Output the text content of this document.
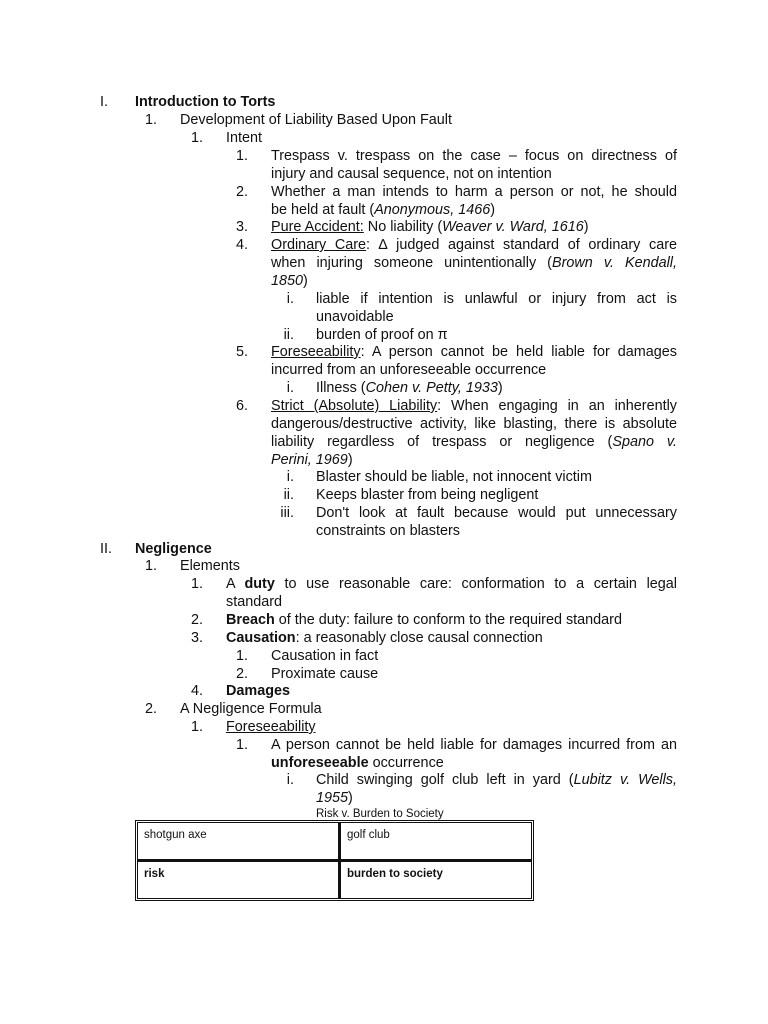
I.	Introduction to Torts
1. Development of Liability Based Upon Fault
1. Intent
1. Trespass v. trespass on the case – focus on directness of
injury and causal sequence, not on intention
2. Whether a man intends to harm a person or not, he should
be held at fault (Anonymous, 1466)
3. Pure Accident: No liability (Weaver v. Ward, 1616)
4. Ordinary Care: ∆ judged against standard of ordinary care
when injuring someone unintentionally (Brown v. Kendall,
1850)
i. liable if intention is unlawful or injury from act is
unavoidable
ii. burden of proof on π
5. Foreseeability: A person cannot be held liable for damages
incurred from an unforeseeable occurrence
i. Illness (Cohen v. Petty, 1933)
6. Strict (Absolute) Liability: When engaging in an inherently
dangerous/destructive activity, like blasting, there is absolute
liability regardless of trespass or negligence (Spano v.
Perini, 1969)
i. Blaster should be liable, not innocent victim
ii. Keeps blaster from being negligent
iii. Don't look at fault because would put unnecessary
constraints on blasters
II. Negligence
1. Elements
1. A duty to use reasonable care: conformation to a certain legal
standard
2. Breach of the duty: failure to conform to the required standard
3. Causation: a reasonably close causal connection
1. Causation in fact
2. Proximate cause
4. Damages
2. A Negligence Formula
1. Foreseeability
1. A person cannot be held liable for damages incurred from an
unforeseeable occurrence
i. Child swinging golf club left in yard (Lubitz v. Wells,
1955)
Risk v. Burden to Society
shotgun axe	golf club
risk	burden to society
